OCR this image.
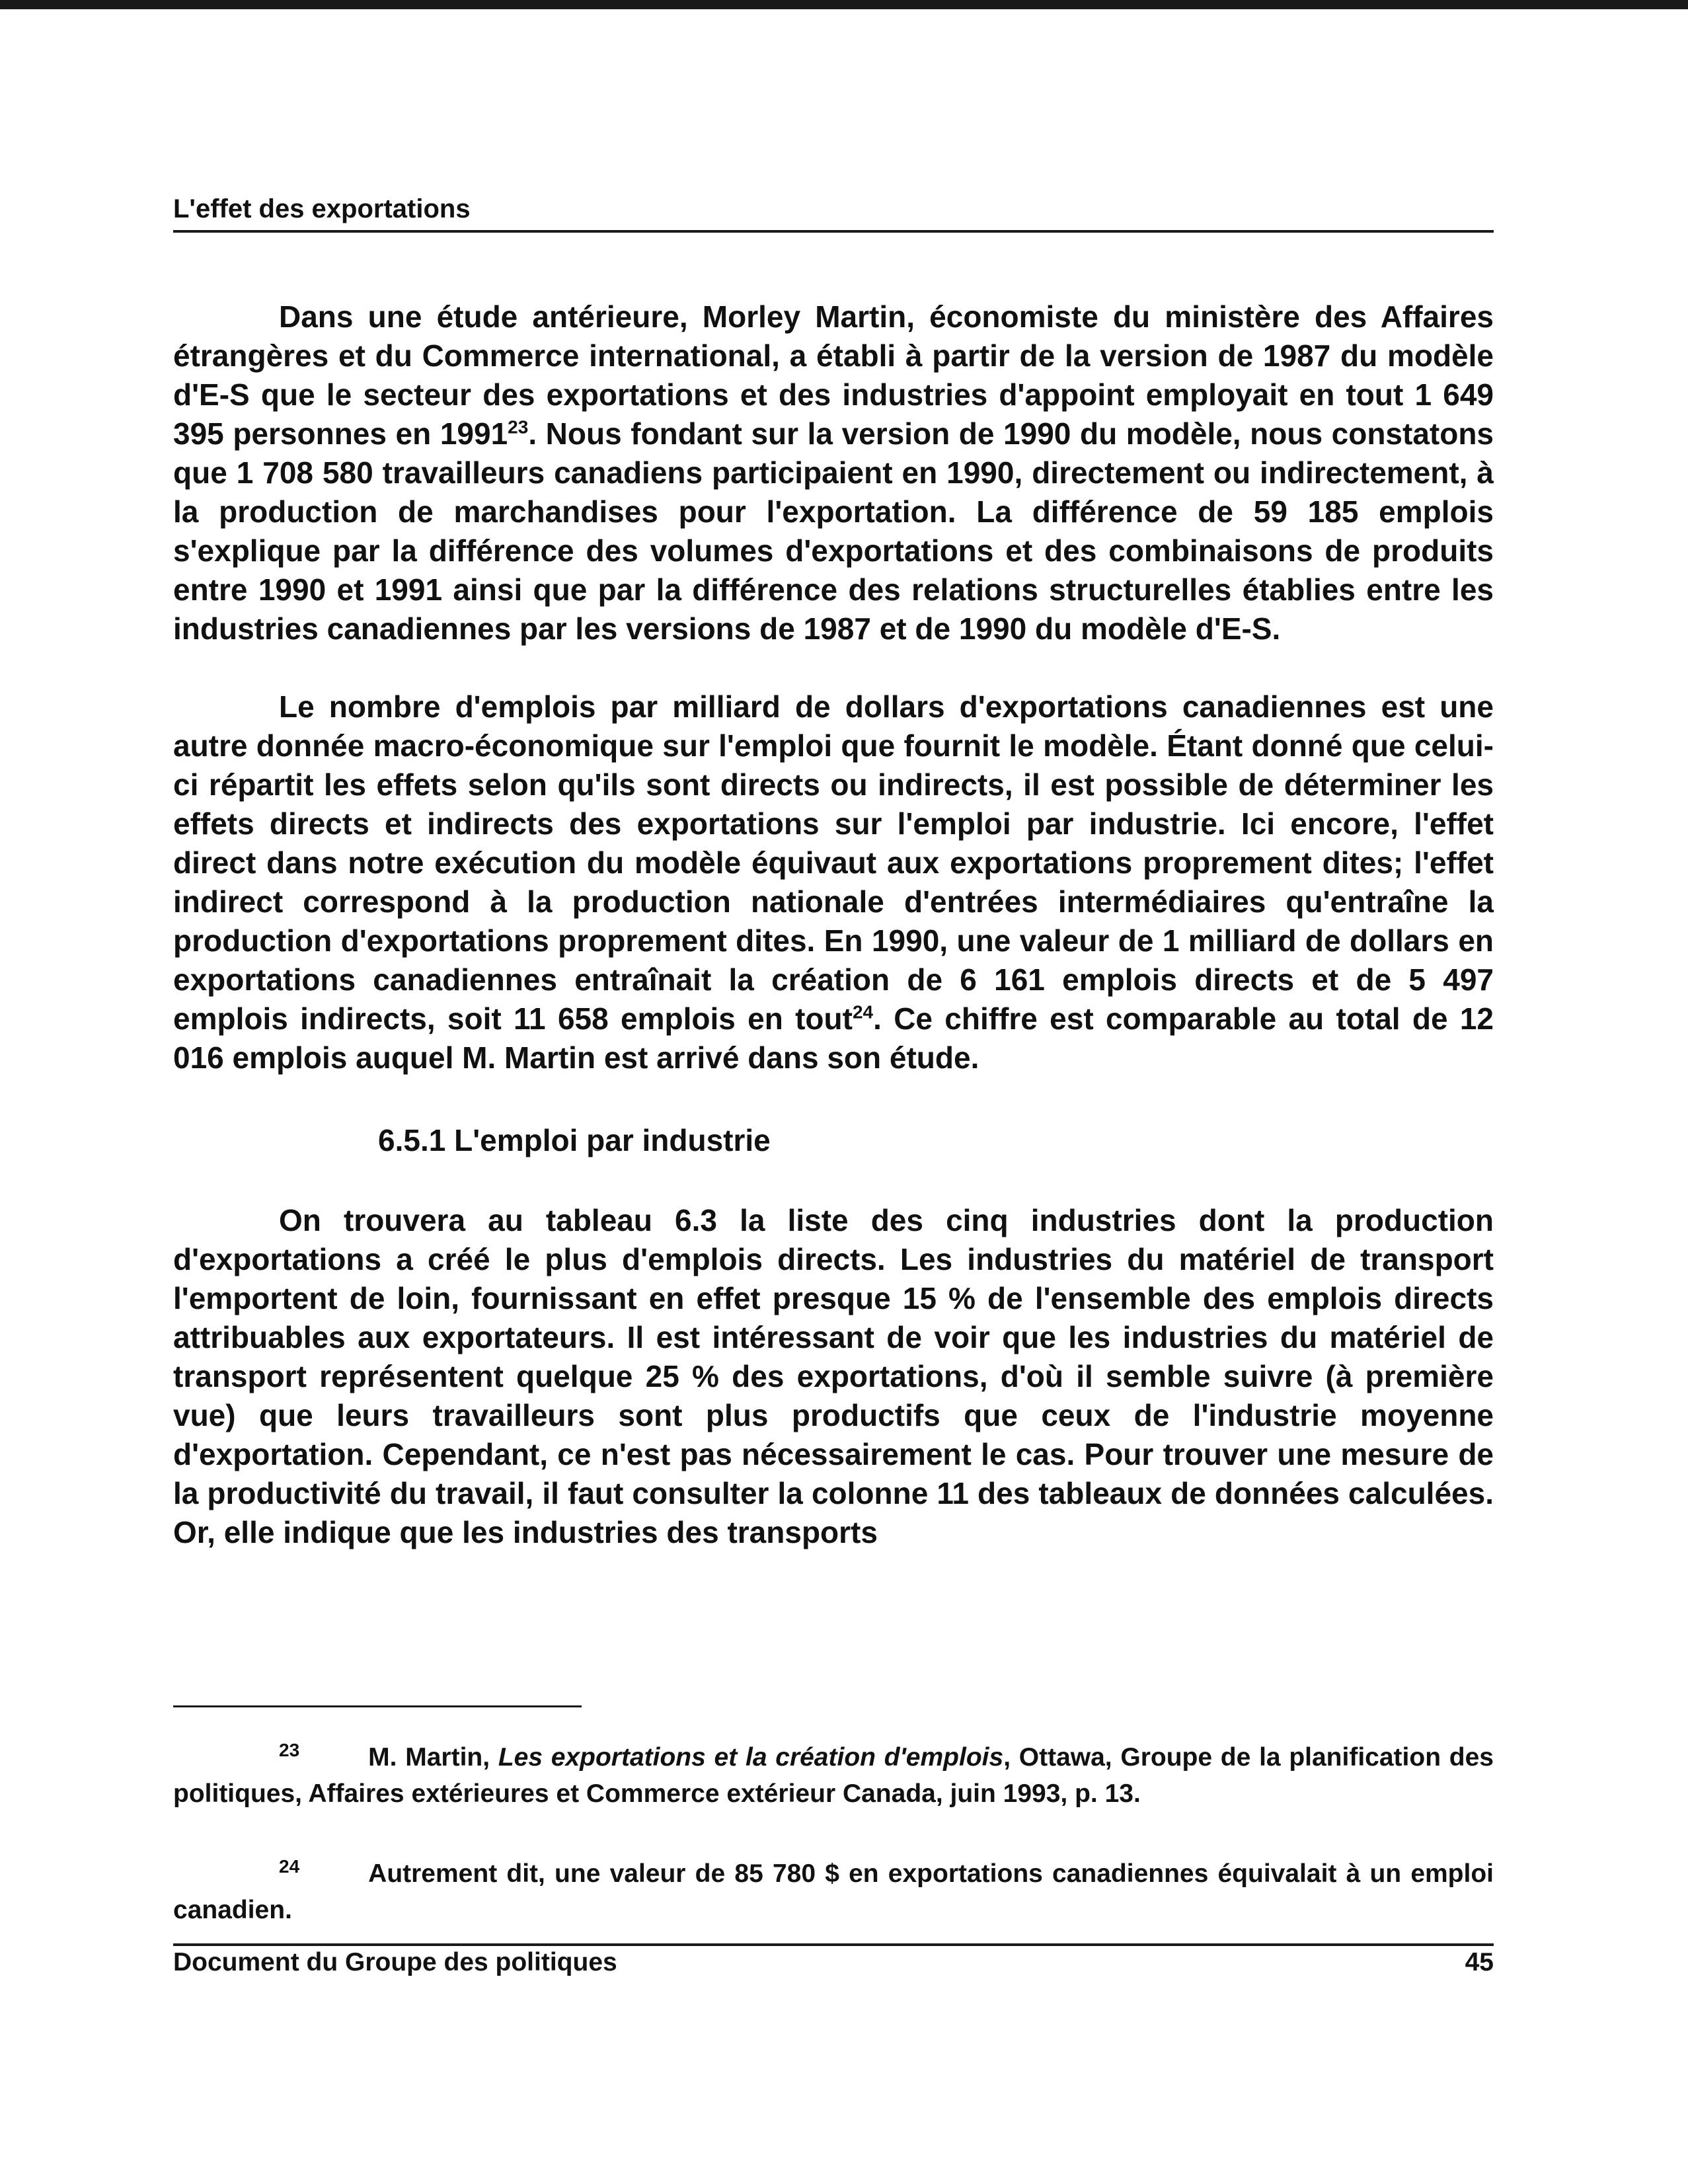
L'effet des exportations

Dans une étude antérieure, Morley Martin, économiste du ministère des Affaires étrangères et du Commerce international, a établi à partir de la version de 1987 du modèle d'E-S que le secteur des exportations et des industries d'appoint employait en tout 1 649 395 personnes en 1991$^{23}$. Nous fondant sur la version de 1990 du modèle, nous constatons que 1 708 580 travailleurs canadiens participaient en 1990, directement ou indirectement, à la production de marchandises pour l'exportation. La différence de 59 185 emplois s'explique par la différence des volumes d'exportations et des combinaisons de produits entre 1990 et 1991 ainsi que par la différence des relations structurelles établies entre les industries canadiennes par les versions de 1987 et de 1990 du modèle d'E-S.

Le nombre d'emplois par milliard de dollars d'exportations canadiennes est une autre donnée macro-économique sur l'emploi que fournit le modèle. Étant donné que celui-ci répartit les effets selon qu'ils sont directs ou indirects, il est possible de déterminer les effets directs et indirects des exportations sur l'emploi par industrie. Ici encore, l'effet direct dans notre exécution du modèle équivaut aux exportations proprement dites; l'effet indirect correspond à la production nationale d'entrées intermédiaires qu'entraîne la production d'exportations proprement dites. En 1990, une valeur de 1 milliard de dollars en exportations canadiennes entraînait la création de 6 161 emplois directs et de 5 497 emplois indirects, soit 11 658 emplois en tout$^{24}$. Ce chiffre est comparable au total de 12 016 emplois auquel M. Martin est arrivé dans son étude.

6.5.1 L'emploi par industrie

On trouvera au tableau 6.3 la liste des cinq industries dont la production d'exportations a créé le plus d'emplois directs. Les industries du matériel de transport l'emportent de loin, fournissant en effet presque 15 % de l'ensemble des emplois directs attribuables aux exportateurs. Il est intéressant de voir que les industries du matériel de transport représentent quelque 25 % des exportations, d'où il semble suivre (à première vue) que leurs travailleurs sont plus productifs que ceux de l'industrie moyenne d'exportation. Cependant, ce n'est pas nécessairement le cas. Pour trouver une mesure de la productivité du travail, il faut consulter la colonne 11 des tableaux de données calculées. Or, elle indique que les industries des transports

23	M. Martin, Les exportations et la création d'emplois, Ottawa, Groupe de la planification des politiques, Affaires extérieures et Commerce extérieur Canada, juin 1993, p. 13.

24	Autrement dit, une valeur de 85 780 $ en exportations canadiennes équivalait à un emploi canadien.

Document du Groupe des politiques	45
